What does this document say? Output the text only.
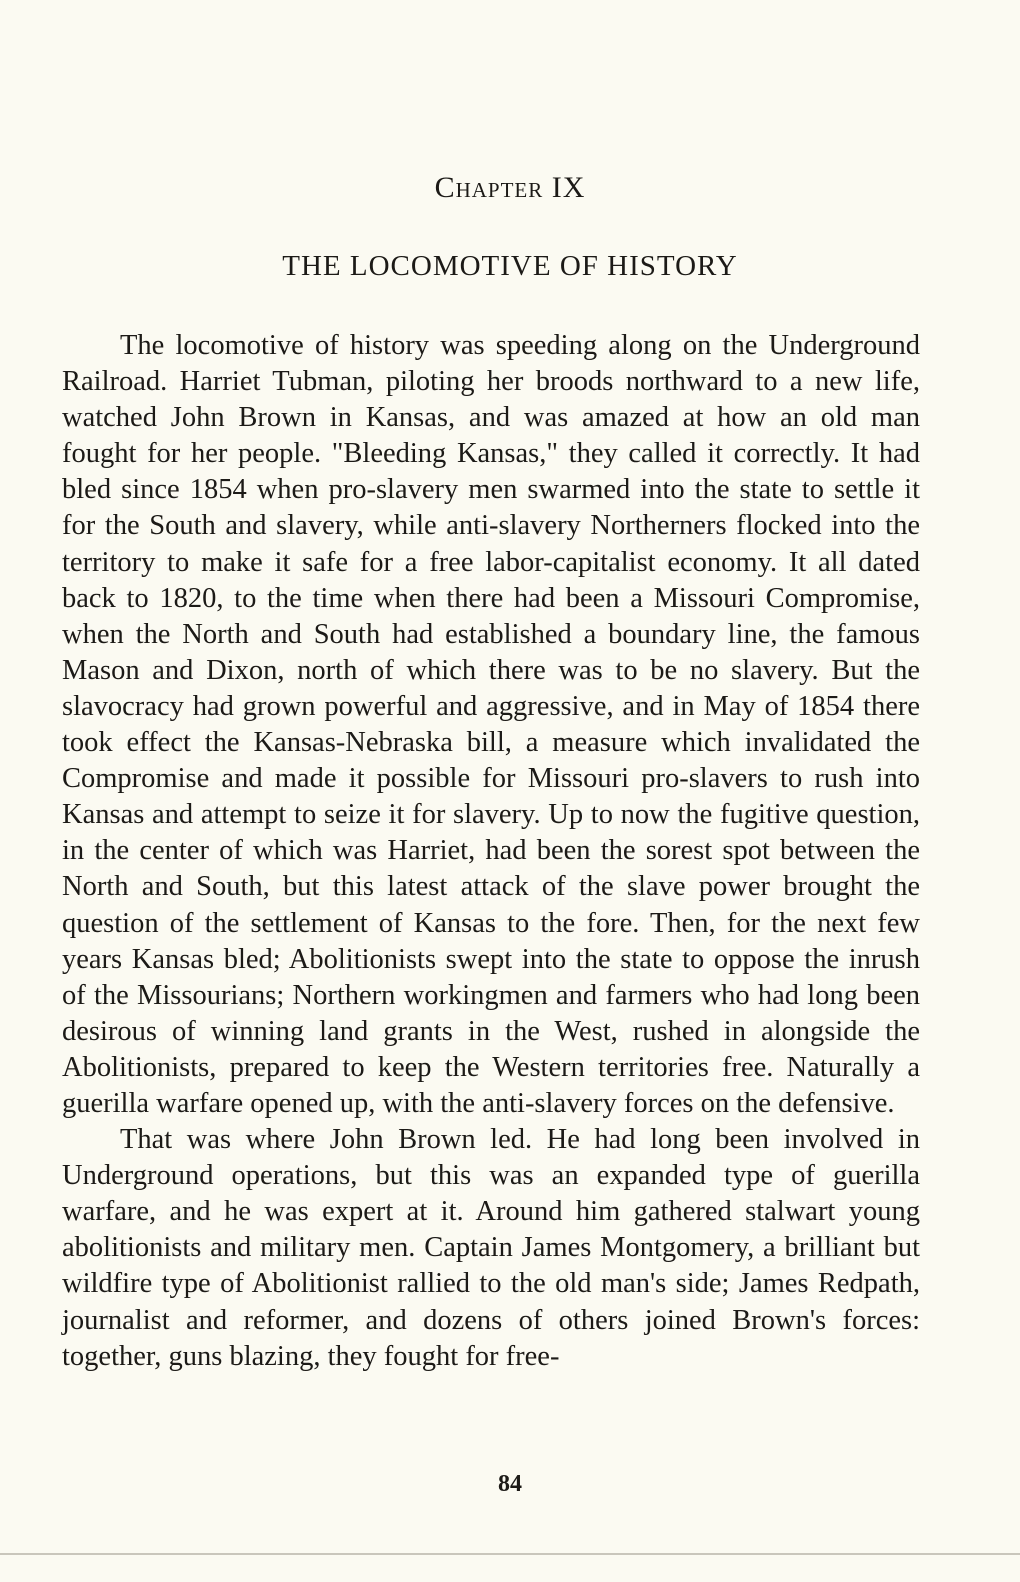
Chapter IX
THE LOCOMOTIVE OF HISTORY

The locomotive of history was speeding along on the Underground Railroad. Harriet Tubman, piloting her broods northward to a new life, watched John Brown in Kansas, and was amazed at how an old man fought for her people. "Bleeding Kansas," they called it correctly. It had bled since 1854 when pro-slavery men swarmed into the state to settle it for the South and slavery, while anti-slavery Northerners flocked into the territory to make it safe for a free labor-capitalist economy. It all dated back to 1820, to the time when there had been a Missouri Compromise, when the North and South had established a boundary line, the famous Mason and Dixon, north of which there was to be no slavery. But the slavocracy had grown powerful and aggressive, and in May of 1854 there took effect the Kansas-Nebraska bill, a measure which invalidated the Compromise and made it possible for Missouri pro-slavers to rush into Kansas and attempt to seize it for slavery. Up to now the fugitive question, in the center of which was Harriet, had been the sorest spot between the North and South, but this latest attack of the slave power brought the question of the settlement of Kansas to the fore. Then, for the next few years Kansas bled; Abolitionists swept into the state to oppose the inrush of the Missourians; Northern workingmen and farmers who had long been desirous of winning land grants in the West, rushed in alongside the Abolitionists, prepared to keep the Western territories free. Naturally a guerilla warfare opened up, with the anti-slavery forces on the defensive.

That was where John Brown led. He had long been involved in Underground operations, but this was an expanded type of guerilla warfare, and he was expert at it. Around him gathered stalwart young abolitionists and military men. Captain James Montgomery, a brilliant but wildfire type of Abolitionist rallied to the old man's side; James Redpath, journalist and reformer, and dozens of others joined Brown's forces: together, guns blazing, they fought for free-

84
